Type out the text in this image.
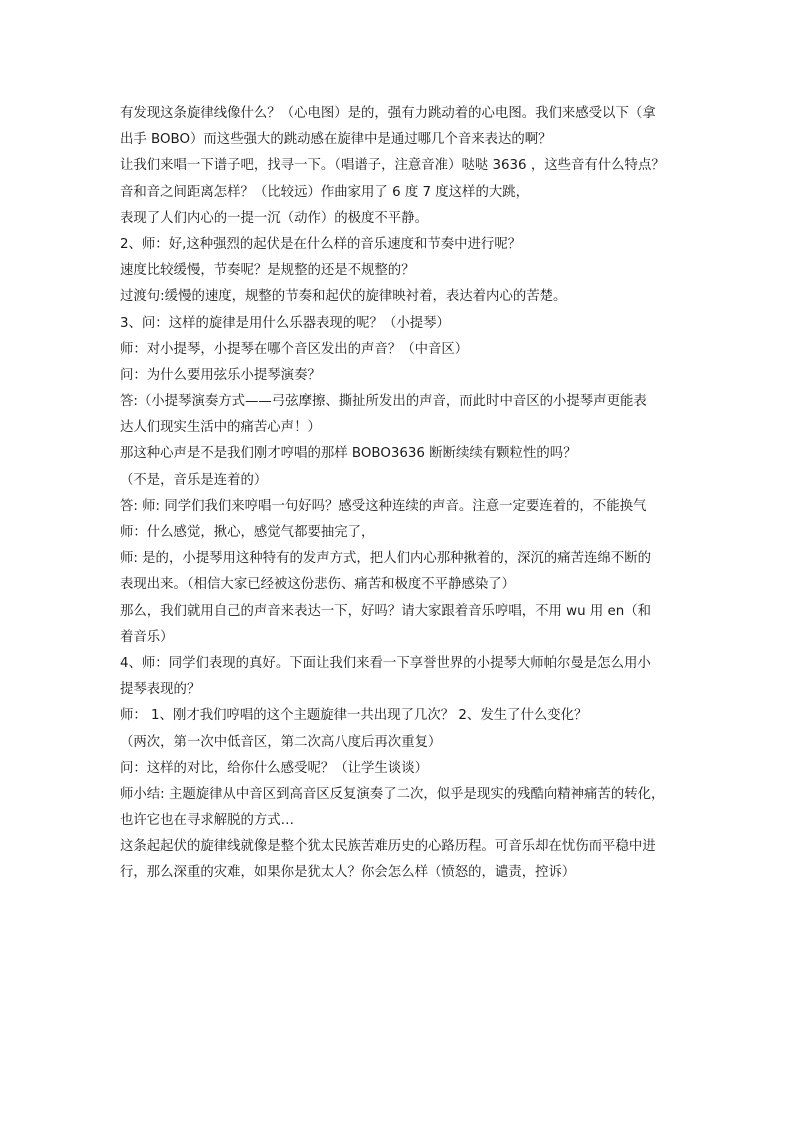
有发现这条旋律线像什么？（心电图）是的，强有力跳动着的心电图。我们来感受以下（拿
出手 BOBO）而这些强大的跳动感在旋律中是通过哪几个音来表达的啊？
让我们来唱一下谱子吧，找寻一下。（唱谱子，注意音准）哒哒 3636 ，这些音有什么特点？
音和音之间距离怎样？（比较远）作曲家用了 6 度 7 度这样的大跳，
表现了人们内心的一提一沉（动作）的极度不平静。
2、师：好,这种强烈的起伏是在什么样的音乐速度和节奏中进行呢？
速度比较缓慢，节奏呢？是规整的还是不规整的？
过渡句:缓慢的速度，规整的节奏和起伏的旋律映衬着，表达着内心的苦楚。
3、问：这样的旋律是用什么乐器表现的呢？（小提琴）
师：对小提琴，小提琴在哪个音区发出的声音？（中音区）
问：为什么要用弦乐小提琴演奏？
答:（小提琴演奏方式——弓弦摩擦、撕扯所发出的声音，而此时中音区的小提琴声更能表
达人们现实生活中的痛苦心声！）
那这种心声是不是我们刚才哼唱的那样 BOBO3636 断断续续有颗粒性的吗？
（不是，音乐是连着的）
答: 师: 同学们我们来哼唱一句好吗？感受这种连续的声音。注意一定要连着的，不能换气
师：什么感觉，揪心，感觉气都要抽完了，
师: 是的，小提琴用这种特有的发声方式，把人们内心那种揪着的，深沉的痛苦连绵不断的
表现出来。（相信大家已经被这份悲伤、痛苦和极度不平静感染了）
那么，我们就用自己的声音来表达一下，好吗？请大家跟着音乐哼唱，不用 wu 用 en（和
着音乐）
4、师：同学们表现的真好。下面让我们来看一下享誉世界的小提琴大师帕尔曼是怎么用小
提琴表现的？
师： 1、刚才我们哼唱的这个主题旋律一共出现了几次？ 2、发生了什么变化？
（两次，第一次中低音区，第二次高八度后再次重复）
问：这样的对比，给你什么感受呢？（让学生谈谈）
师小结: 主题旋律从中音区到高音区反复演奏了二次，似乎是现实的残酷向精神痛苦的转化，
也许它也在寻求解脱的方式…
这条起起伏的旋律线就像是整个犹太民族苦难历史的心路历程。可音乐却在忧伤而平稳中进
行，那么深重的灾难，如果你是犹太人？你会怎么样（愤怒的，谴责，控诉）
